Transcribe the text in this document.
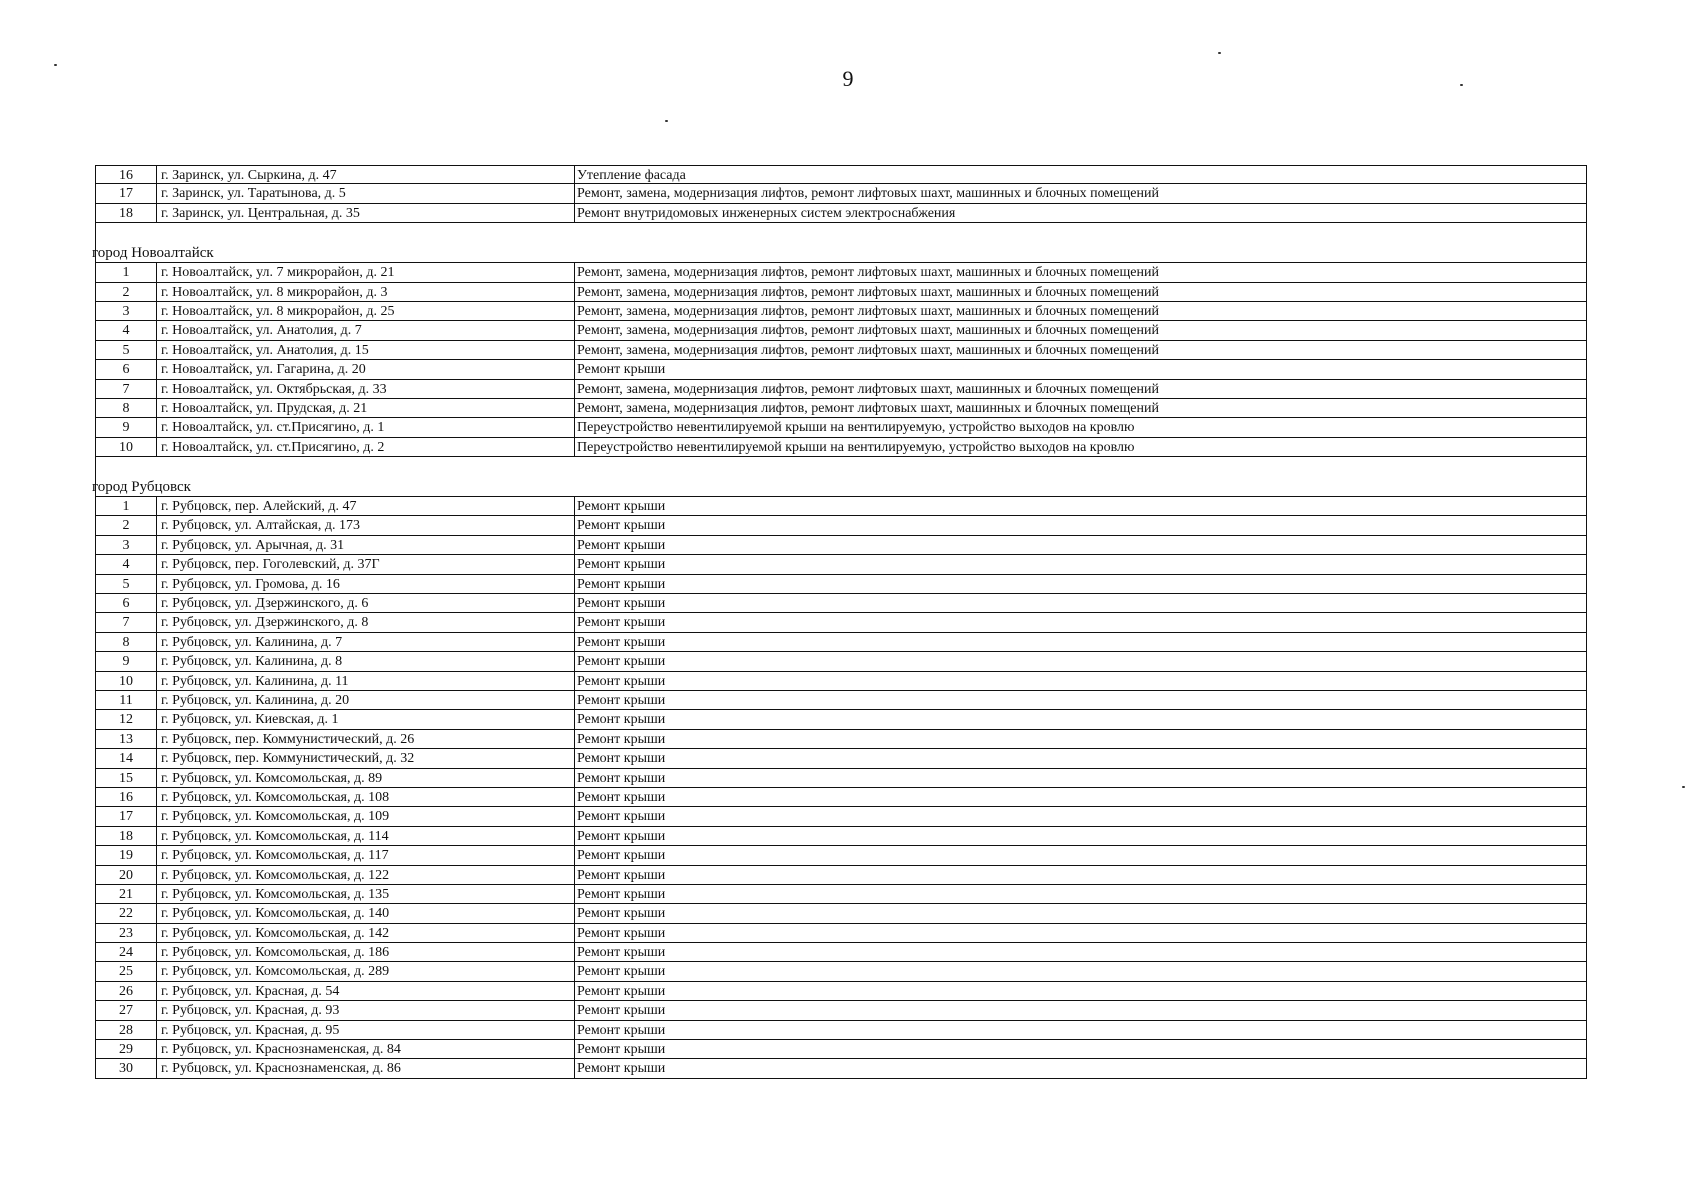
9
16	г. Заринск, ул. Сыркина, д. 47	Утепление фасада
17	г. Заринск, ул. Таратынова, д. 5	Ремонт, замена, модернизация лифтов, ремонт лифтовых шахт, машинных и блочных помещений
18	г. Заринск, ул. Центральная, д. 35	Ремонт внутридомовых инженерных систем электроснабжения
город Новоалтайск
1	г. Новоалтайск, ул. 7 микрорайон, д. 21	Ремонт, замена, модернизация лифтов, ремонт лифтовых шахт, машинных и блочных помещений
2	г. Новоалтайск, ул. 8 микрорайон, д. 3	Ремонт, замена, модернизация лифтов, ремонт лифтовых шахт, машинных и блочных помещений
3	г. Новоалтайск, ул. 8 микрорайон, д. 25	Ремонт, замена, модернизация лифтов, ремонт лифтовых шахт, машинных и блочных помещений
4	г. Новоалтайск, ул. Анатолия, д. 7	Ремонт, замена, модернизация лифтов, ремонт лифтовых шахт, машинных и блочных помещений
5	г. Новоалтайск, ул. Анатолия, д. 15	Ремонт, замена, модернизация лифтов, ремонт лифтовых шахт, машинных и блочных помещений
6	г. Новоалтайск, ул. Гагарина, д. 20	Ремонт крыши
7	г. Новоалтайск, ул. Октябрьская, д. 33	Ремонт, замена, модернизация лифтов, ремонт лифтовых шахт, машинных и блочных помещений
8	г. Новоалтайск, ул. Прудская, д. 21	Ремонт, замена, модернизация лифтов, ремонт лифтовых шахт, машинных и блочных помещений
9	г. Новоалтайск, ул. ст.Присягино, д. 1	Переустройство невентилируемой крыши на вентилируемую, устройство выходов на кровлю
10	г. Новоалтайск, ул. ст.Присягино, д. 2	Переустройство невентилируемой крыши на вентилируемую, устройство выходов на кровлю
город Рубцовск
1	г. Рубцовск, пер. Алейский, д. 47	Ремонт крыши
2	г. Рубцовск, ул. Алтайская, д. 173	Ремонт крыши
3	г. Рубцовск, ул. Арычная, д. 31	Ремонт крыши
4	г. Рубцовск, пер. Гоголевский, д. 37Г	Ремонт крыши
5	г. Рубцовск, ул. Громова, д. 16	Ремонт крыши
6	г. Рубцовск, ул. Дзержинского, д. 6	Ремонт крыши
7	г. Рубцовск, ул. Дзержинского, д. 8	Ремонт крыши
8	г. Рубцовск, ул. Калинина, д. 7	Ремонт крыши
9	г. Рубцовск, ул. Калинина, д. 8	Ремонт крыши
10	г. Рубцовск, ул. Калинина, д. 11	Ремонт крыши
11	г. Рубцовск, ул. Калинина, д. 20	Ремонт крыши
12	г. Рубцовск, ул. Киевская, д. 1	Ремонт крыши
13	г. Рубцовск, пер. Коммунистический, д. 26	Ремонт крыши
14	г. Рубцовск, пер. Коммунистический, д. 32	Ремонт крыши
15	г. Рубцовск, ул. Комсомольская, д. 89	Ремонт крыши
16	г. Рубцовск, ул. Комсомольская, д. 108	Ремонт крыши
17	г. Рубцовск, ул. Комсомольская, д. 109	Ремонт крыши
18	г. Рубцовск, ул. Комсомольская, д. 114	Ремонт крыши
19	г. Рубцовск, ул. Комсомольская, д. 117	Ремонт крыши
20	г. Рубцовск, ул. Комсомольская, д. 122	Ремонт крыши
21	г. Рубцовск, ул. Комсомольская, д. 135	Ремонт крыши
22	г. Рубцовск, ул. Комсомольская, д. 140	Ремонт крыши
23	г. Рубцовск, ул. Комсомольская, д. 142	Ремонт крыши
24	г. Рубцовск, ул. Комсомольская, д. 186	Ремонт крыши
25	г. Рубцовск, ул. Комсомольская, д. 289	Ремонт крыши
26	г. Рубцовск, ул. Красная, д. 54	Ремонт крыши
27	г. Рубцовск, ул. Красная, д. 93	Ремонт крыши
28	г. Рубцовск, ул. Красная, д. 95	Ремонт крыши
29	г. Рубцовск, ул. Краснознаменская, д. 84	Ремонт крыши
30	г. Рубцовск, ул. Краснознаменская, д. 86	Ремонт крыши
